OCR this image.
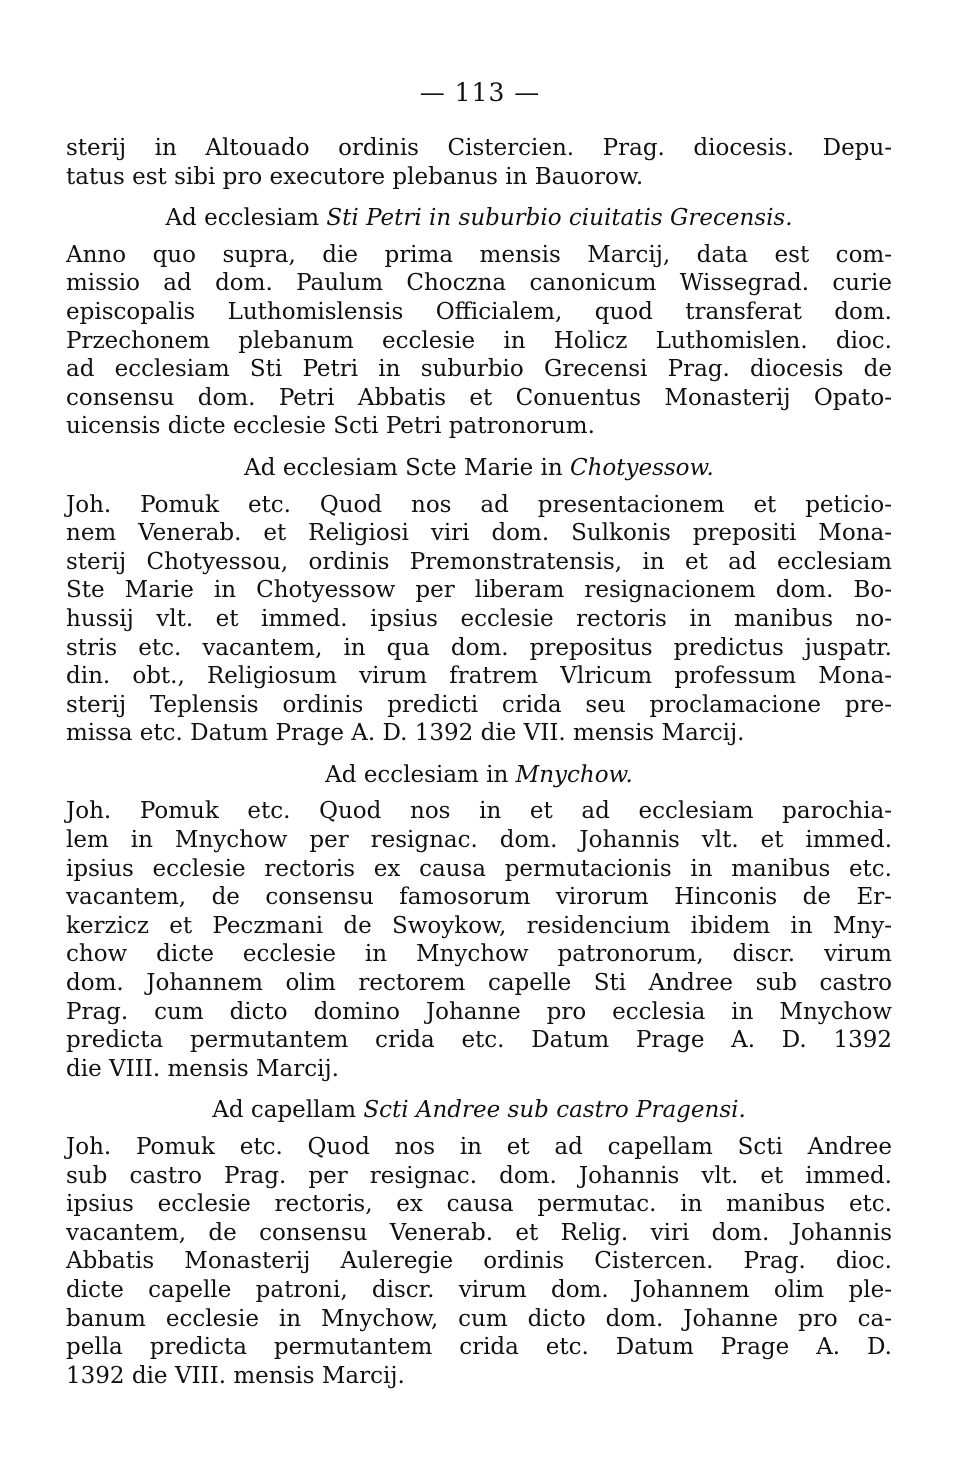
— 113 —
sterij in Altouado ordinis Cistercien. Prag. diocesis. Depu-
tatus est sibi pro executore plebanus in Bauorow.
Ad ecclesiam Sti Petri in suburbio ciuitatis Grecensis.
Anno quo supra, die prima mensis Marcij, data est com-
missio ad dom. Paulum Choczna canonicum Wissegrad. curie
episcopalis Luthomislensis Officialem, quod transferat dom.
Przechonem plebanum ecclesie in Holicz Luthomislen. dioc.
ad ecclesiam Sti Petri in suburbio Grecensi Prag. diocesis de
consensu dom. Petri Abbatis et Conuentus Monasterij Opato-
uicensis dicte ecclesie Scti Petri patronorum.
Ad ecclesiam Scte Marie in Chotyessow.
Joh. Pomuk etc. Quod nos ad presentacionem et peticio-
nem Venerab. et Religiosi viri dom. Sulkonis prepositi Mona-
sterij Chotyessou, ordinis Premonstratensis, in et ad ecclesiam
Ste Marie in Chotyessow per liberam resignacionem dom. Bo-
hussij vlt. et immed. ipsius ecclesie rectoris in manibus no-
stris etc. vacantem, in qua dom. prepositus predictus juspatr.
din. obt., Religiosum virum fratrem Vlricum professum Mona-
sterij Teplensis ordinis predicti crida seu proclamacione pre-
missa etc. Datum Prage A. D. 1392 die VII. mensis Marcij.
Ad ecclesiam in Mnychow.
Joh. Pomuk etc. Quod nos in et ad ecclesiam parochia-
lem in Mnychow per resignac. dom. Johannis vlt. et immed.
ipsius ecclesie rectoris ex causa permutacionis in manibus etc.
vacantem, de consensu famosorum virorum Hinconis de Er-
kerzicz et Peczmani de Swoykow, residencium ibidem in Mny-
chow dicte ecclesie in Mnychow patronorum, discr. virum
dom. Johannem olim rectorem capelle Sti Andree sub castro
Prag. cum dicto domino Johanne pro ecclesia in Mnychow
predicta permutantem crida etc. Datum Prage A. D. 1392
die VIII. mensis Marcij.
Ad capellam Scti Andree sub castro Pragensi.
Joh. Pomuk etc. Quod nos in et ad capellam Scti Andree
sub castro Prag. per resignac. dom. Johannis vlt. et immed.
ipsius ecclesie rectoris, ex causa permutac. in manibus etc.
vacantem, de consensu Venerab. et Relig. viri dom. Johannis
Abbatis Monasterij Auleregie ordinis Cistercen. Prag. dioc.
dicte capelle patroni, discr. virum dom. Johannem olim ple-
banum ecclesie in Mnychow, cum dicto dom. Johanne pro ca-
pella predicta permutantem crida etc. Datum Prage A. D.
1392 die VIII. mensis Marcij.
